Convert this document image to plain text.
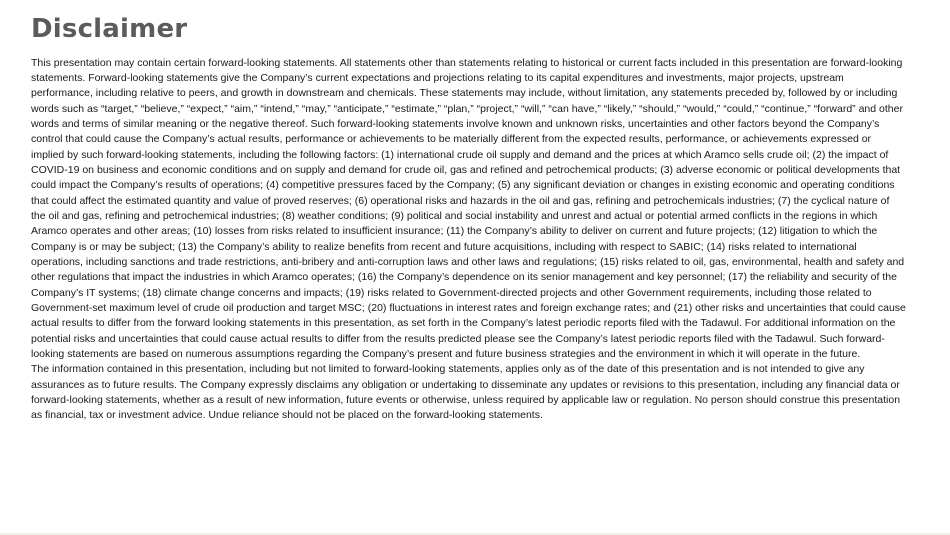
Disclaimer

This presentation may contain certain forward-looking statements. All statements other than statements relating to historical or current facts included in this presentation are forward-looking statements. Forward-looking statements give the Company’s current expectations and projections relating to its capital expenditures and investments, major projects, upstream performance, including relative to peers, and growth in downstream and chemicals. These statements may include, without limitation, any statements preceded by, followed by or including words such as “target,” “believe,” “expect,” “aim,” “intend,” “may,” “anticipate,” “estimate,” “plan,” “project,” “will,” “can have,” “likely,” “should,” “would,” “could,” “continue,” “forward” and other words and terms of similar meaning or the negative thereof. Such forward-looking statements involve known and unknown risks, uncertainties and other factors beyond the Company’s control that could cause the Company’s actual results, performance or achievements to be materially different from the expected results, performance, or achievements expressed or implied by such forward-looking statements, including the following factors: (1) international crude oil supply and demand and the prices at which Aramco sells crude oil; (2) the impact of COVID-19 on business and economic conditions and on supply and demand for crude oil, gas and refined and petrochemical products; (3) adverse economic or political developments that could impact the Company’s results of operations; (4) competitive pressures faced by the Company; (5) any significant deviation or changes in existing economic and operating conditions that could affect the estimated quantity and value of proved reserves; (6) operational risks and hazards in the oil and gas, refining and petrochemicals industries; (7) the cyclical nature of the oil and gas, refining and petrochemical industries; (8) weather conditions; (9) political and social instability and unrest and actual or potential armed conflicts in the regions in which Aramco operates and other areas; (10) losses from risks related to insufficient insurance; (11) the Company’s ability to deliver on current and future projects; (12) litigation to which the Company is or may be subject; (13) the Company’s ability to realize benefits from recent and future acquisitions, including with respect to SABIC; (14) risks related to international operations, including sanctions and trade restrictions, anti-bribery and anti-corruption laws and other laws and regulations; (15) risks related to oil, gas, environmental, health and safety and other regulations that impact the industries in which Aramco operates; (16) the Company’s dependence on its senior management and key personnel; (17) the reliability and security of the Company’s IT systems; (18) climate change concerns and impacts; (19) risks related to Government-directed projects and other Government requirements, including those related to Government-set maximum level of crude oil production and target MSC; (20) fluctuations in interest rates and foreign exchange rates; and (21) other risks and uncertainties that could cause actual results to differ from the forward looking statements in this presentation, as set forth in the Company’s latest periodic reports filed with the Tadawul. For additional information on the potential risks and uncertainties that could cause actual results to differ from the results predicted please see the Company’s latest periodic reports filed with the Tadawul. Such forward-looking statements are based on numerous assumptions regarding the Company’s present and future business strategies and the environment in which it will operate in the future.

The information contained in this presentation, including but not limited to forward-looking statements, applies only as of the date of this presentation and is not intended to give any assurances as to future results. The Company expressly disclaims any obligation or undertaking to disseminate any updates or revisions to this presentation, including any financial data or forward-looking statements, whether as a result of new information, future events or otherwise, unless required by applicable law or regulation. No person should construe this presentation as financial, tax or investment advice. Undue reliance should not be placed on the forward-looking statements.
